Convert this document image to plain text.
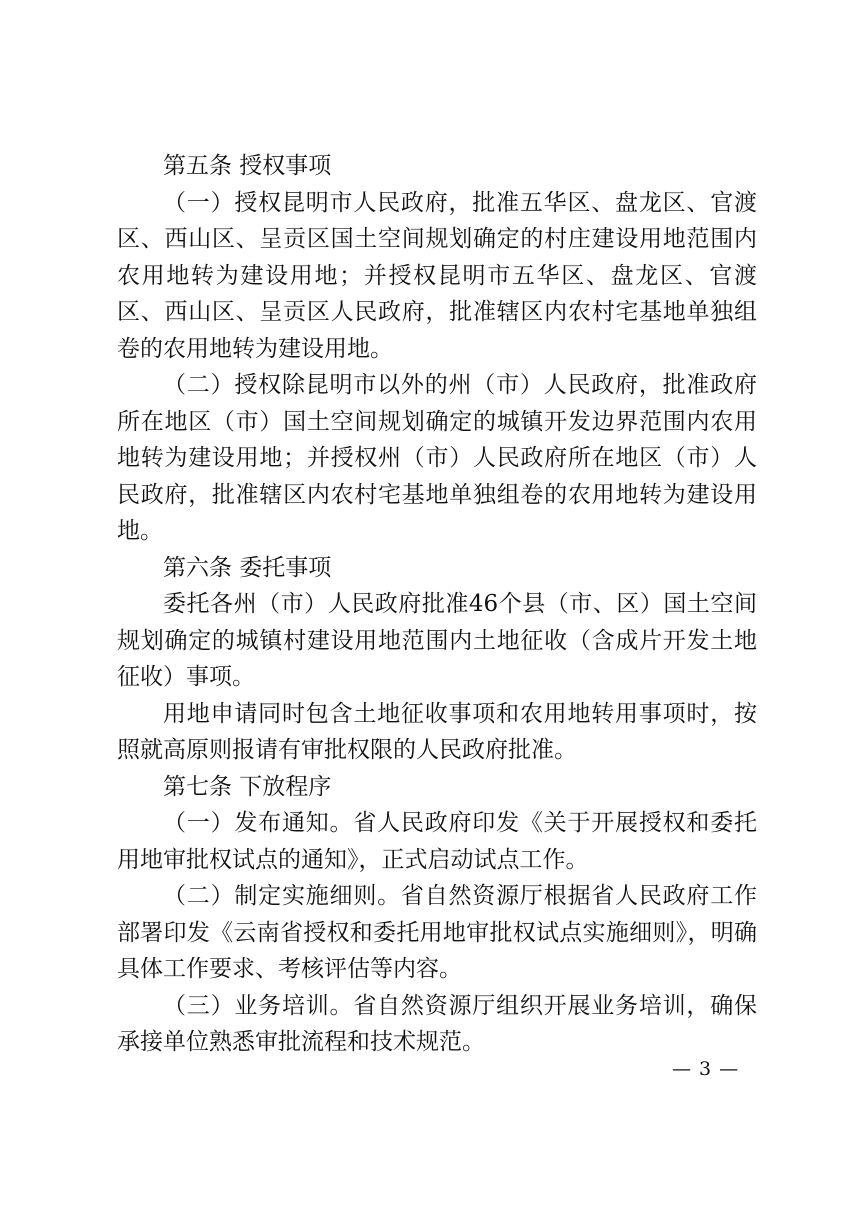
第五条 授权事项

（一）授权昆明市人民政府，批准五华区、盘龙区、官渡区、西山区、呈贡区国土空间规划确定的村庄建设用地范围内农用地转为建设用地；并授权昆明市五华区、盘龙区、官渡区、西山区、呈贡区人民政府，批准辖区内农村宅基地单独组卷的农用地转为建设用地。

（二）授权除昆明市以外的州（市）人民政府，批准政府所在地区（市）国土空间规划确定的城镇开发边界范围内农用地转为建设用地；并授权州（市）人民政府所在地区（市）人民政府，批准辖区内农村宅基地单独组卷的农用地转为建设用地。

第六条 委托事项

委托各州（市）人民政府批准46个县（市、区）国土空间规划确定的城镇村建设用地范围内土地征收（含成片开发土地征收）事项。

用地申请同时包含土地征收事项和农用地转用事项时，按照就高原则报请有审批权限的人民政府批准。

第七条 下放程序

（一）发布通知。省人民政府印发《关于开展授权和委托用地审批权试点的通知》，正式启动试点工作。

（二）制定实施细则。省自然资源厅根据省人民政府工作部署印发《云南省授权和委托用地审批权试点实施细则》，明确具体工作要求、考核评估等内容。

（三）业务培训。省自然资源厅组织开展业务培训，确保承接单位熟悉审批流程和技术规范。

— 3 —
